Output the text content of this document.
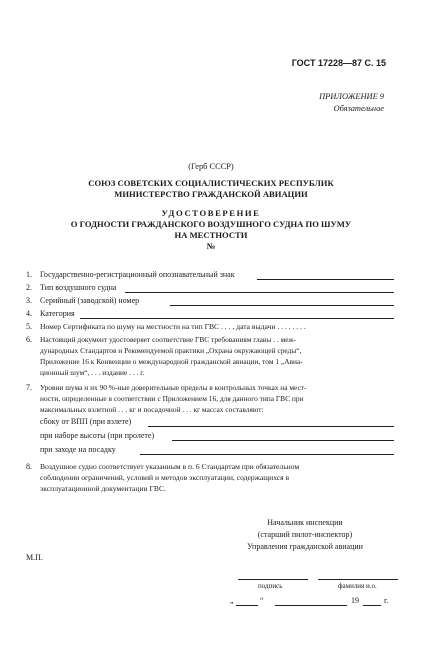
ГОСТ 17228—87 С. 15
ПРИЛОЖЕНИЕ 9
Обязательное
(Герб СССР)
СОЮЗ СОВЕТСКИХ СОЦИАЛИСТИЧЕСКИХ РЕСПУБЛИК
МИНИСТЕРСТВО ГРАЖДАНСКОЙ АВИАЦИИ
УДОСТОВЕРЕНИЕ
О ГОДНОСТИ ГРАЖДАНСКОГО ВОЗДУШНОГО СУДНА ПО ШУМУ
НА МЕСТНОСТИ
№
1. Государственно-регистрационный опознавательный знак
2. Тип воздушного судна
3. Серийный (заводской) номер
4. Категория
5. Номер Сертификата по шуму на местности на тип ГВС . . . , дата выдачи . . . . . . . .
6. Настоящий документ удостоверяет соответствие ГВС требованиям главы . . меж-
дународных Стандартов и Рекомендуемой практики „Охрана окружающей среды“,
Приложение 16 к Конвенции о международной гражданской авиации, том 1 „Авиа-
ционный шум“, . . . издание . . . г.
7. Уровни шума и их 90 %-ные доверительные пределы в контрольных точках на мест-
ности, определенные в соответствии с Приложением 16, для данного типа ГВС при
максимальных взлетной . . . кг и посадочной . . . кг массах составляют:
сбоку от ВПП (при взлете)
при наборе высоты (при пролете)
при заходе на посадку
8. Воздушное судно соответствует указанным в п. 6 Стандартам при обязательном
соблюдении ограничений, условий и методов эксплуатации, содержащихся в
эксплуатационной документации ГВС.
Начальник инспекции
(старший пилот-инспектор)
Управления гражданской авиации
М.П.
подпись	фамилия и.о.
„	“	19	г.
